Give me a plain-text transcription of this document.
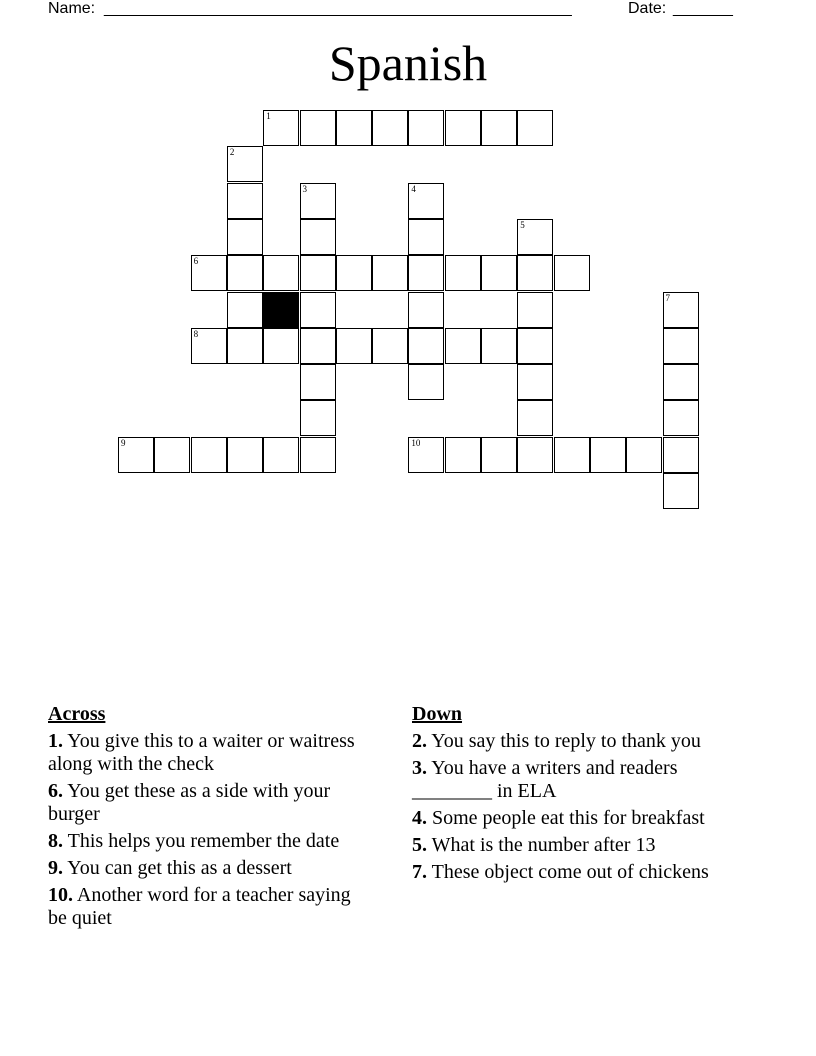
Name: _______________________________________________________	Date: _______
Spanish
1
2
3	4
5
6
7
8
9	10
Across
1. You give this to a waiter or waitress along with the check
6. You get these as a side with your burger
8. This helps you remember the date
9. You can get this as a dessert
10. Another word for a teacher saying be quiet
Down
2. You say this to reply to thank you
3. You have a writers and readers ________ in ELA
4. Some people eat this for breakfast
5. What is the number after 13
7. These object come out of chickens
